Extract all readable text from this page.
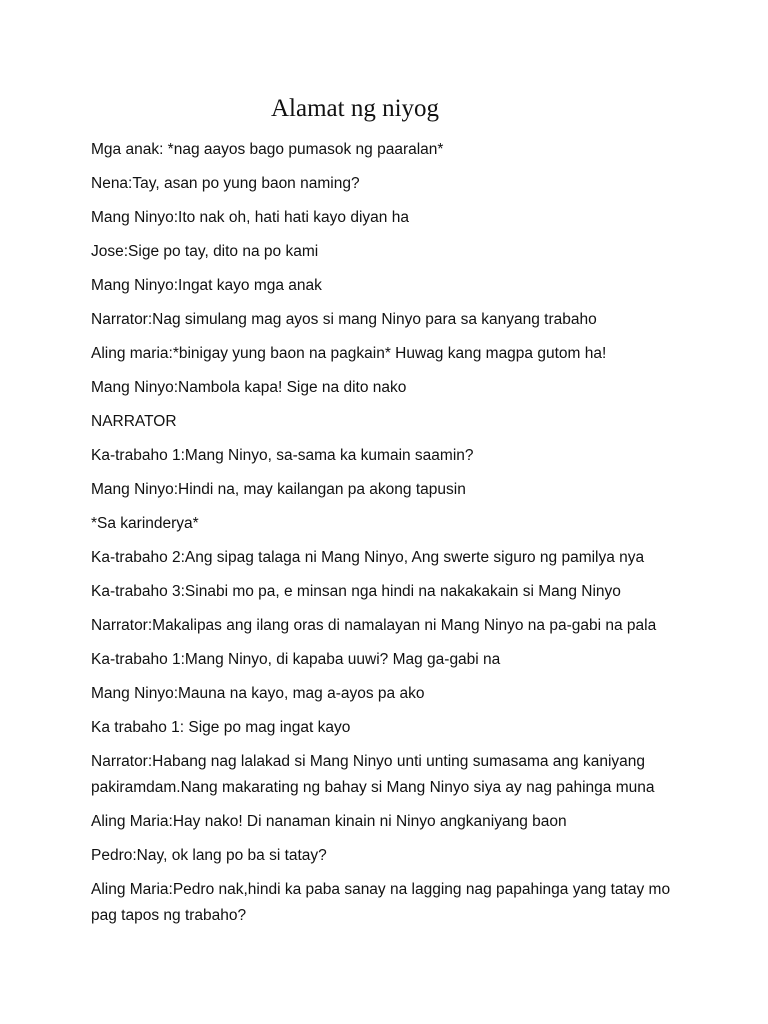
Alamat ng niyog

Mga anak: *nag aayos bago pumasok ng paaralan*

Nena:Tay, asan po yung baon naming?

Mang Ninyo:Ito nak oh, hati hati kayo diyan ha

Jose:Sige po tay, dito na po kami

Mang Ninyo:Ingat kayo mga anak

Narrator:Nag simulang mag ayos si mang Ninyo para sa kanyang trabaho

Aling maria:*binigay yung baon na pagkain* Huwag kang magpa gutom ha!

Mang Ninyo:Nambola kapa! Sige na dito nako

NARRATOR

Ka-trabaho 1:Mang Ninyo, sa-sama ka kumain saamin?

Mang Ninyo:Hindi na, may kailangan pa akong tapusin

*Sa karinderya*

Ka-trabaho 2:Ang sipag talaga ni Mang Ninyo, Ang swerte siguro ng pamilya nya

Ka-trabaho 3:Sinabi mo pa, e minsan nga hindi na nakakakain si Mang Ninyo

Narrator:Makalipas ang ilang oras di namalayan ni Mang Ninyo na pa-gabi na pala

Ka-trabaho 1:Mang Ninyo, di kapaba uuwi? Mag ga-gabi na

Mang Ninyo:Mauna na kayo, mag a-ayos pa ako

Ka trabaho 1: Sige po mag ingat kayo

Narrator:Habang nag lalakad si Mang Ninyo unti unting sumasama ang kaniyang pakiramdam.Nang makarating ng bahay si Mang Ninyo siya ay nag pahinga muna

Aling Maria:Hay nako! Di nanaman kinain ni Ninyo angkaniyang baon

Pedro:Nay, ok lang po ba si tatay?

Aling Maria:Pedro nak,hindi ka paba sanay na lagging nag papahinga yang tatay mo pag tapos ng trabaho?
